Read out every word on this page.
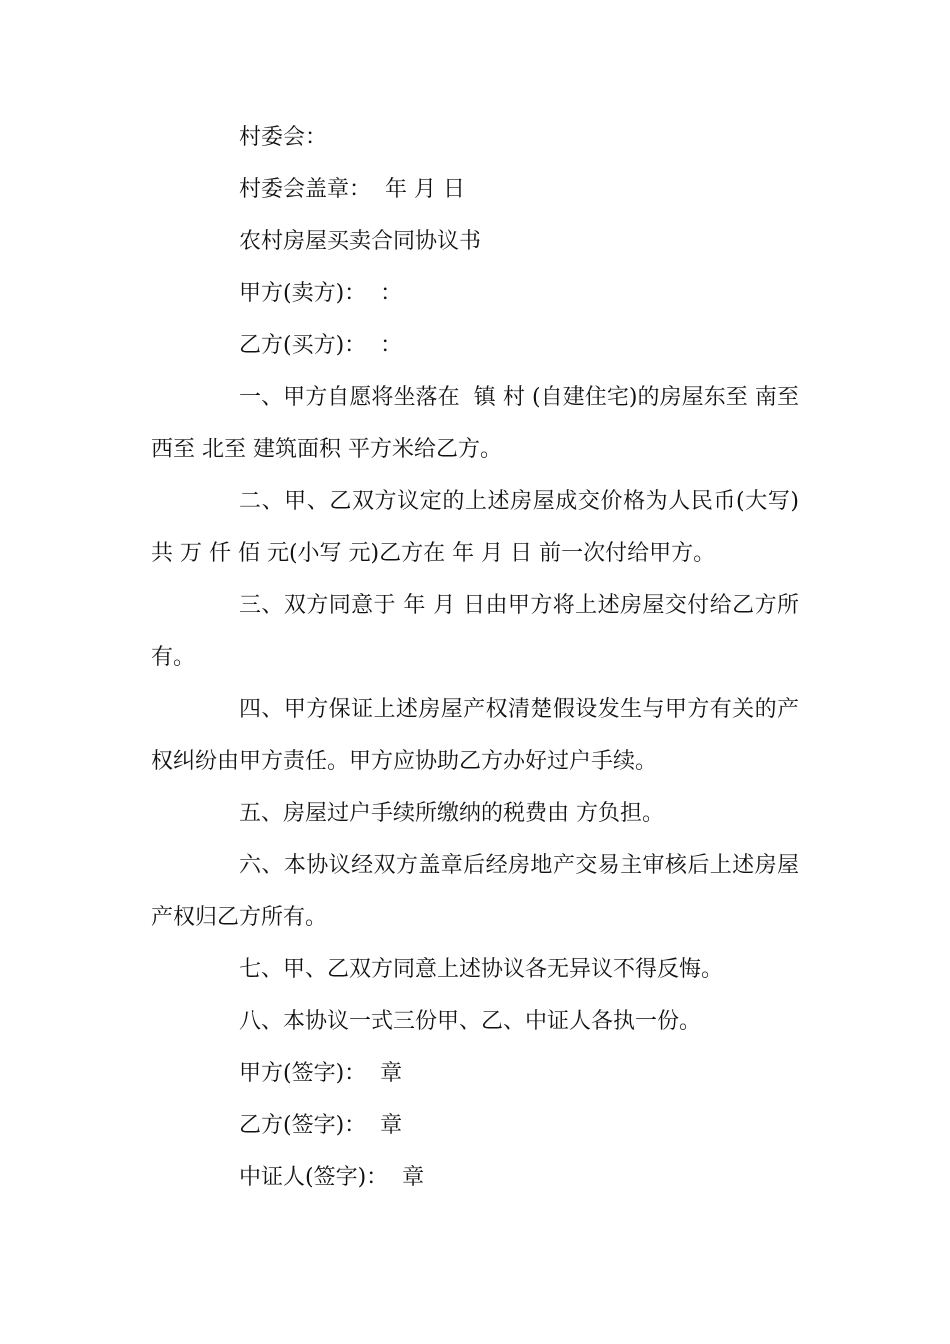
村委会：

村委会盖章：  年 月 日

农村房屋买卖合同协议书

甲方(卖方)：  ：

乙方(买方)：  ：

一、甲方自愿将坐落在  镇 村 (自建住宅)的房屋东至 南至 西至 北至 建筑面积 平方米给乙方。

二、甲、乙双方议定的上述房屋成交价格为人民币(大写)共 万 仟 佰 元(小写 元)乙方在 年 月 日 前一次付给甲方。

三、双方同意于 年 月 日由甲方将上述房屋交付给乙方所有。

四、甲方保证上述房屋产权清楚假设发生与甲方有关的产权纠纷由甲方责任。甲方应协助乙方办好过户手续。

五、房屋过户手续所缴纳的税费由 方负担。

六、本协议经双方盖章后经房地产交易主审核后上述房屋产权归乙方所有。

七、甲、乙双方同意上述协议各无异议不得反悔。

八、本协议一式三份甲、乙、中证人各执一份。

甲方(签字)：  章

乙方(签字)：  章

中证人(签字)：  章
